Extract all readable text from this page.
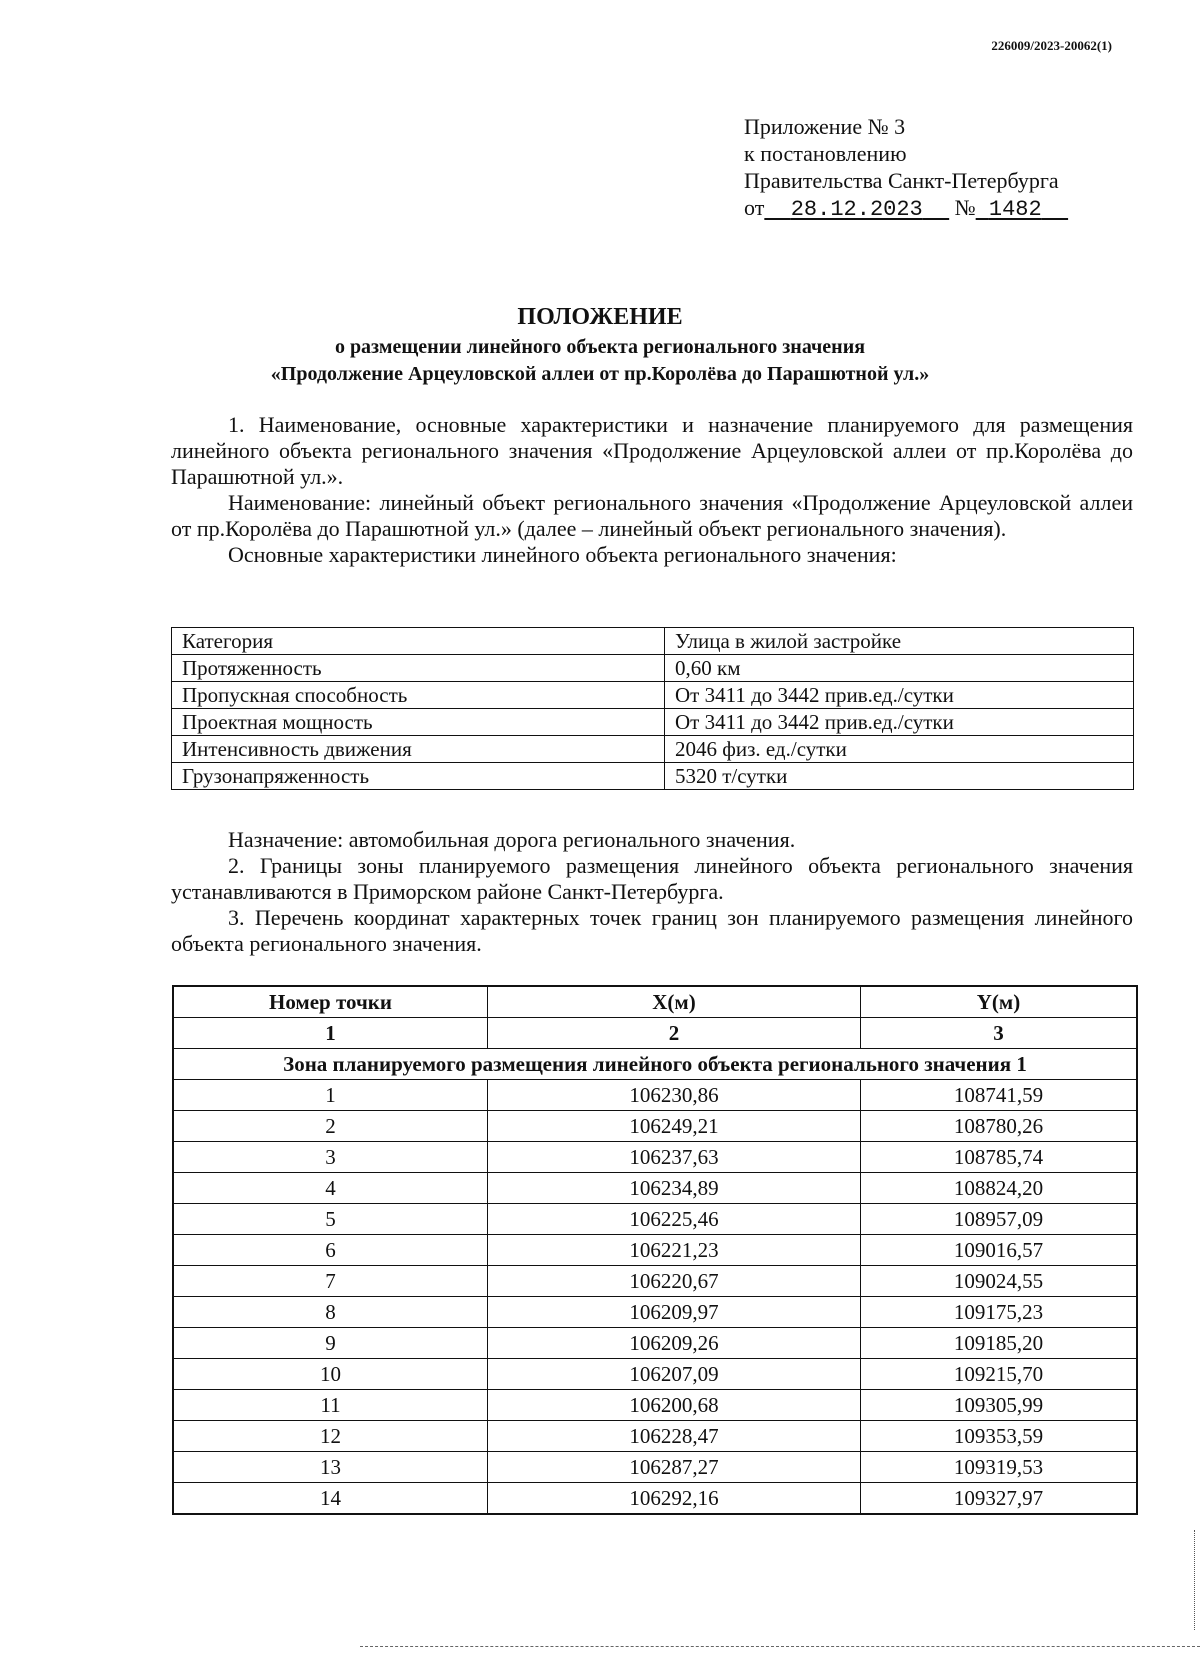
226009/2023-20062(1)
Приложение № 3
к постановлению
Правительства Санкт-Петербурга
от 28.12.2023 № 1482
ПОЛОЖЕНИЕ
о размещении линейного объекта регионального значения
«Продолжение Арцеуловской аллеи от пр.Королёва до Парашютной ул.»

1. Наименование, основные характеристики и назначение планируемого для размещения линейного объекта регионального значения «Продолжение Арцеуловской аллеи от пр.Королёва до Парашютной ул.».

Наименование: линейный объект регионального значения «Продолжение Арцеуловской аллеи от пр.Королёва до Парашютной ул.» (далее – линейный объект регионального значения).

Основные характеристики линейного объекта регионального значения:

Категория	Улица в жилой застройке
Протяженность	0,60 км
Пропускная способность	От 3411 до 3442 прив.ед./сутки
Проектная мощность	От 3411 до 3442 прив.ед./сутки
Интенсивность движения	2046 физ. ед./сутки
Грузонапряженность	5320 т/сутки

Назначение: автомобильная дорога регионального значения.

2. Границы зоны планируемого размещения линейного объекта регионального значения устанавливаются в Приморском районе Санкт-Петербурга.

3. Перечень координат характерных точек границ зон планируемого размещения линейного объекта регионального значения.

Номер точки	X(м)	Y(м)
1	2	3
Зона планируемого размещения линейного объекта регионального значения 1		
1	106230,86	108741,59
2	106249,21	108780,26
3	106237,63	108785,74
4	106234,89	108824,20
5	106225,46	108957,09
6	106221,23	109016,57
7	106220,67	109024,55
8	106209,97	109175,23
9	106209,26	109185,20
10	106207,09	109215,70
11	106200,68	109305,99
12	106228,47	109353,59
13	106287,27	109319,53
14	106292,16	109327,97
